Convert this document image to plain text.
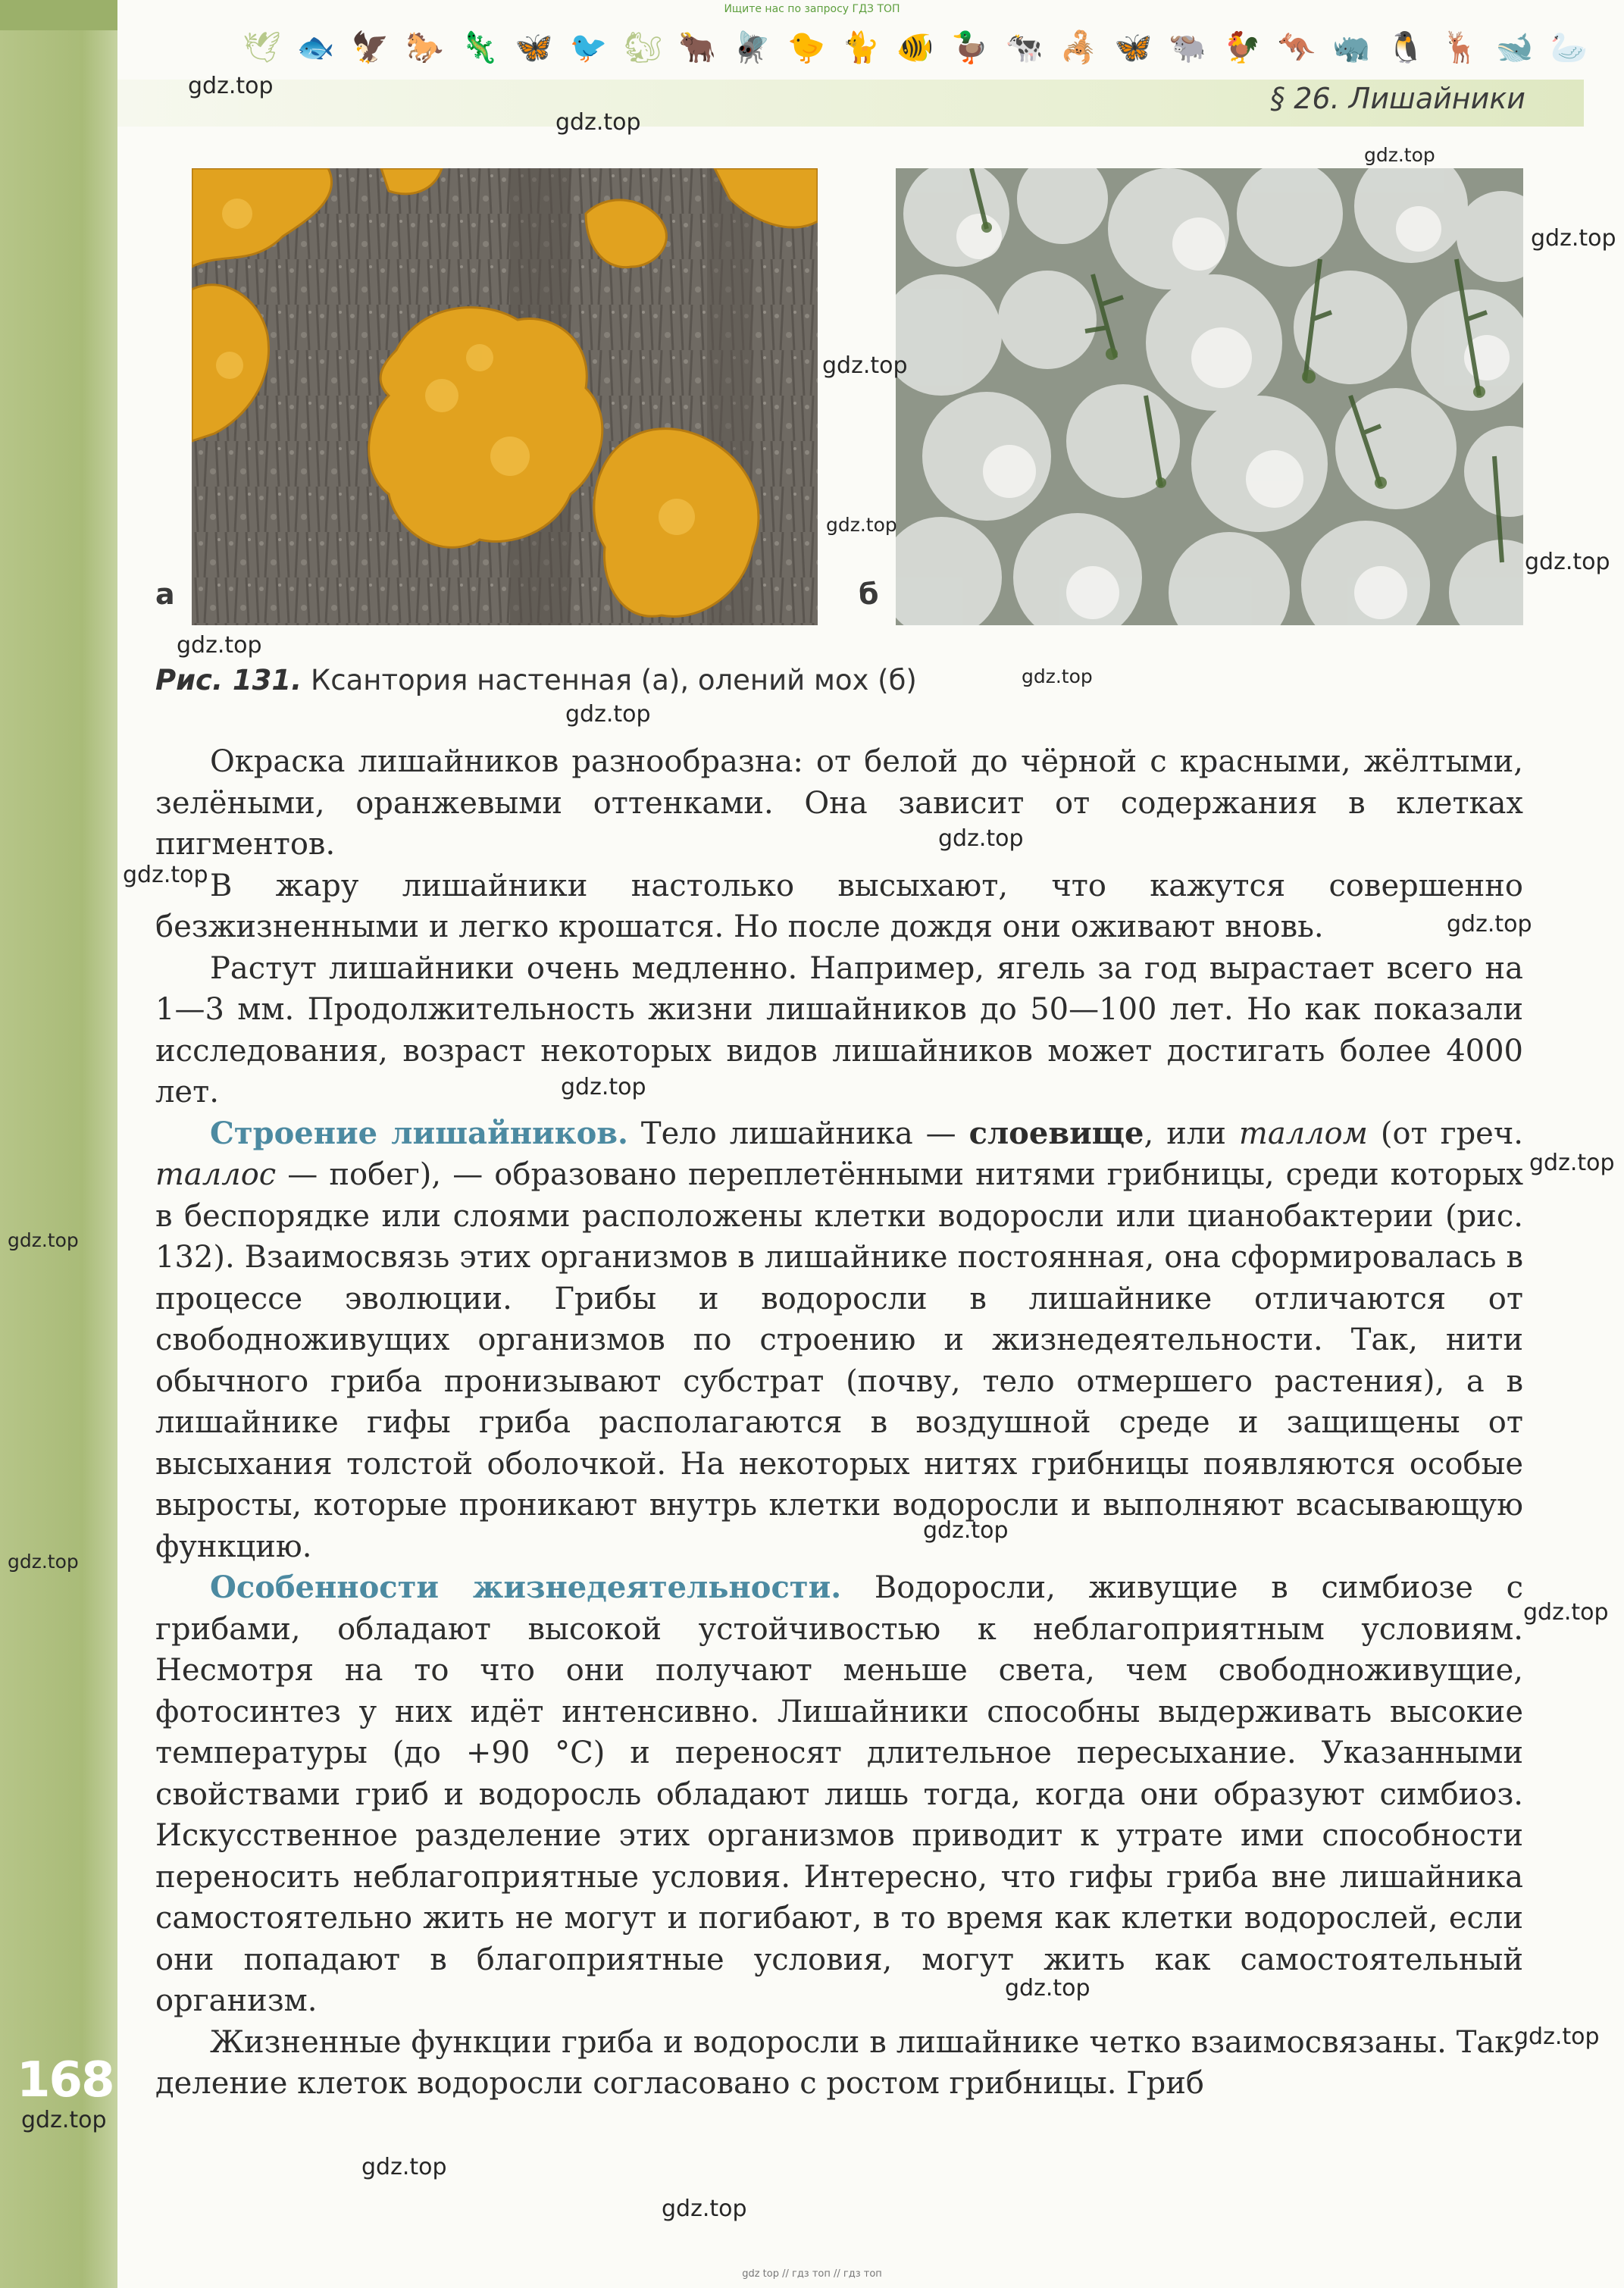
Ищите нас по запросу ГДЗ ТОП
🕊 🐟 🦅 🐎 🦎 🦋 🐦 🐿 🐂 🪰 🐤 🐈 🐠 🦆 🐄 🦂 🦋 🐃 🐓 🦘 🦏 🐧 🦌 🐋 🦢
§ 26. Лишайники
а	б
Рис. 131. Ксантория настенная (а), олений мох (б)

Окраска лишайников разнообразна: от белой до чёрной с красными, жёлтыми, зелёными, оранжевыми оттенками. Она зависит от содержания в клетках пигментов.

В жару лишайники настолько высыхают, что кажутся совершенно безжизненными и легко крошатся. Но после дождя они оживают вновь.

Растут лишайники очень медленно. Например, ягель за год вырастает всего на 1—3 мм. Продолжительность жизни лишайников до 50—100 лет. Но как показали исследования, возраст некоторых видов лишайников может достигать более 4000 лет.

Строение лишайников. Тело лишайника — слоевище, или таллом (от греч. таллос — побег), — образовано переплетёнными нитями грибницы, среди которых в беспорядке или слоями расположены клетки водоросли или цианобактерии (рис. 132). Взаимосвязь этих организмов в лишайнике постоянная, она сформировалась в процессе эволюции. Грибы и водоросли в лишайнике отличаются от свободноживущих организмов по строению и жизнедеятельности. Так, нити обычного гриба пронизывают субстрат (почву, тело отмершего растения), а в лишайнике гифы гриба располагаются в воздушной среде и защищены от высыхания толстой оболочкой. На некоторых нитях грибницы появляются особые выросты, которые проникают внутрь клетки водоросли и выполняют всасывающую функцию.

Особенности жизнедеятельности. Водоросли, живущие в симбиозе с грибами, обладают высокой устойчивостью к неблагоприятным условиям. Несмотря на то что они получают меньше света, чем свободноживущие, фотосинтез у них идёт интенсивно. Лишайники способны выдерживать высокие температуры (до +90 °С) и переносят длительное пересыхание. Указанными свойствами гриб и водоросль обладают лишь тогда, когда они образуют симбиоз. Искусственное разделение этих организмов приводит к утрате ими способности переносить неблагоприятные условия. Интересно, что гифы гриба вне лишайника самостоятельно жить не могут и погибают, в то время как клетки водорослей, если они попадают в благоприятные условия, могут жить как самостоятельный организм.

Жизненные функции гриба и водоросли в лишайнике четко взаимосвязаны. Так, деление клеток водоросли согласовано с ростом грибницы. Гриб

168
gdz.top
gdz.top
gdz.top
gdz.top
gdz.top
gdz.top
gdz.top
gdz.top
gdz.top
gdz.top
gdz.top
gdz.top
gdz.top
gdz.top
gdz.top
gdz.top
gdz.top
gdz.top
gdz.top
gdz.top
gdz.top
gdz.top
gdz.top
gdz.top
gdz top // гдз топ // гдз топ
